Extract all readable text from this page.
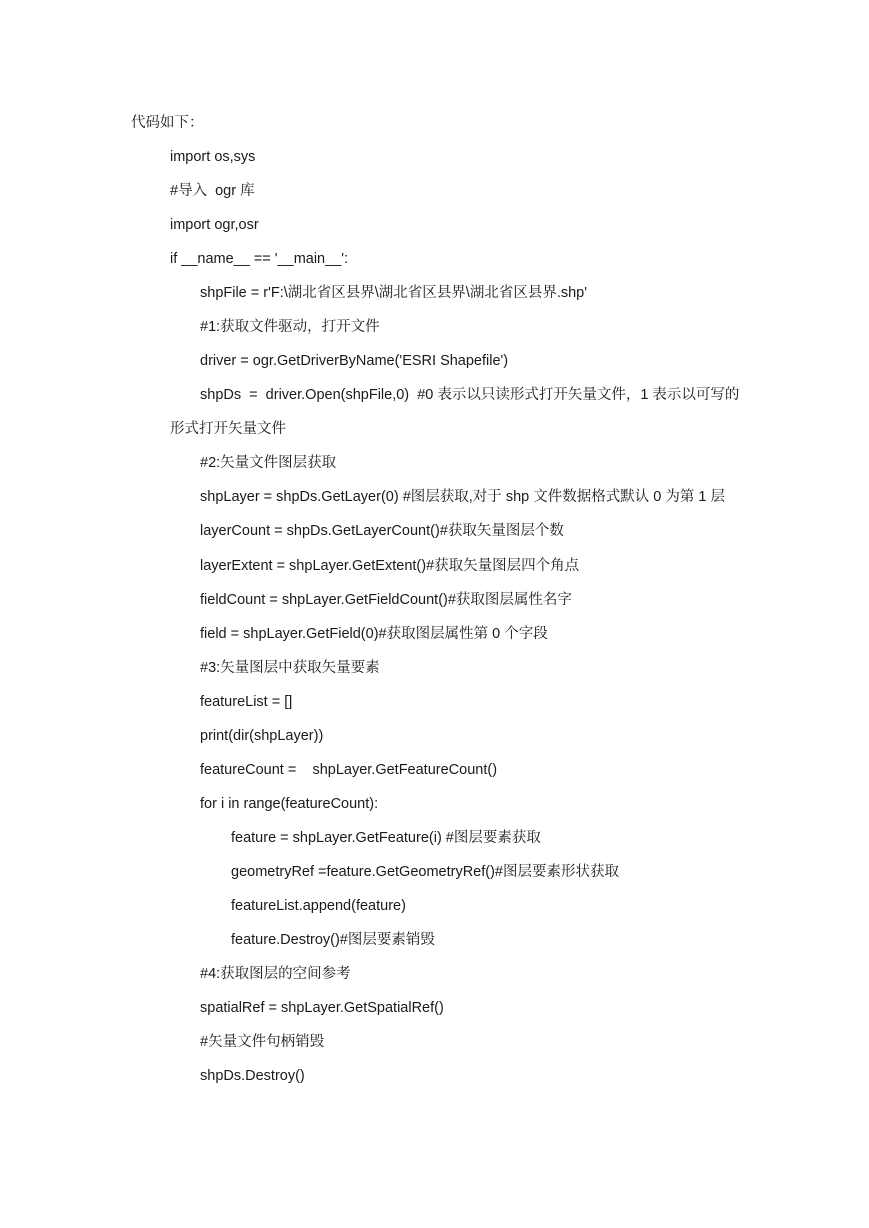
代码如下：

import os,sys

#导入  ogr 库

import ogr,osr

if __name__ == '__main__':

shpFile = r'F:\湖北省区县界\湖北省区县界\湖北省区县界.shp'

#1:获取文件驱动，打开文件

driver = ogr.GetDriverByName('ESRI Shapefile')

shpDs  =  driver.Open(shpFile,0)  #0 表示以只读形式打开矢量文件，1 表示以可写的

形式打开矢量文件

#2:矢量文件图层获取

shpLayer = shpDs.GetLayer(0) #图层获取,对于 shp 文件数据格式默认 0 为第 1 层

layerCount = shpDs.GetLayerCount()#获取矢量图层个数

layerExtent = shpLayer.GetExtent()#获取矢量图层四个角点

fieldCount = shpLayer.GetFieldCount()#获取图层属性名字

field = shpLayer.GetField(0)#获取图层属性第 0 个字段

#3:矢量图层中获取矢量要素

featureList = []

print(dir(shpLayer))

featureCount =    shpLayer.GetFeatureCount()

for i in range(featureCount):

feature = shpLayer.GetFeature(i) #图层要素获取

geometryRef =feature.GetGeometryRef()#图层要素形状获取

featureList.append(feature)

feature.Destroy()#图层要素销毁

#4:获取图层的空间参考

spatialRef = shpLayer.GetSpatialRef()

#矢量文件句柄销毁

shpDs.Destroy()
